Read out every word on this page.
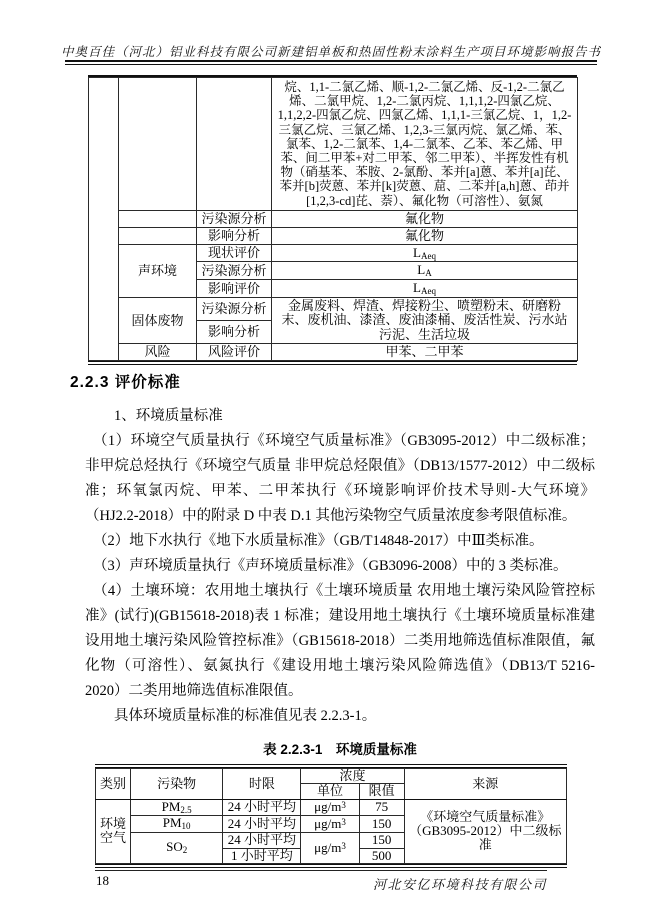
中奥百佳（河北）铝业科技有限公司新建铝单板和热固性粉末涂料生产项目环境影响报告书
			烷、1,1-二氯乙烯、顺-1,2-二氯乙烯、反-1,2-二氯乙烯、二氯甲烷、1,2-二氯丙烷、1,1,1,2-四氯乙烷、1,1,2,2-四氯乙烷、四氯乙烯、1,1,1-三氯乙烷、1，1,2-三氯乙烷、三氯乙烯、1,2,3-三氯丙烷、氯乙烯、苯、氯苯、1,2-二氯苯、1,4-二氯苯、乙苯、苯乙烯、甲苯、间二甲苯+对二甲苯、邻二甲苯）、半挥发性有机物（硝基苯、苯胺、2-氯酚、苯并[a]蒽、苯并[a]芘、苯并[b]荧蒽、苯并[k]荧蒽、䓛、二苯并[a,h]蒽、茚并[1,2,3-cd]芘、萘）、氟化物（可溶性）、氨氮
		污染源分析	氟化物
		影响分析	氟化物
	声环境	现状评价	$L_{Aeq}$
		污染源分析	$L_A$
		影响评价	$L_{Aeq}$
	固体废物	污染源分析	金属废料、焊渣、焊接粉尘、喷塑粉末、研磨粉末、废机油、漆渣、废油漆桶、废活性炭、污水站污泥、生活垃圾
		影响分析	
	风险	风险评价	甲苯、二甲苯
2.2.3 评价标准

1、环境质量标准

（1）环境空气质量执行《环境空气质量标准》（GB3095-2012）中二级标准；非甲烷总烃执行《环境空气质量 非甲烷总烃限值》（DB13/1577-2012）中二级标准；环氧氯丙烷、甲苯、二甲苯执行《环境影响评价技术导则-大气环境》（HJ2.2-2018）中的附录 D 中表 D.1 其他污染物空气质量浓度参考限值标准。

（2）地下水执行《地下水质量标准》（GB/T14848-2017）中Ⅲ类标准。

（3）声环境质量执行《声环境质量标准》（GB3096-2008）中的 3 类标准。

（4）土壤环境：农用地土壤执行《土壤环境质量 农用地土壤污染风险管控标准》(试行)(GB15618-2018)表 1 标准；建设用地土壤执行《土壤环境质量标准建设用地土壤污染风险管控标准》（GB15618-2018）二类用地筛选值标准限值，氟化物（可溶性）、氨氮执行《建设用地土壤污染风险筛选值》（DB13/T 5216-2020）二类用地筛选值标准限值。

具体环境质量标准的标准值见表 2.2.3-1。

表 2.2.3-1　环境质量标准
类别	污染物	时限	浓度		来源
			单位	限值	

环境
空气	$PM_{2.5}$	24 小时平均	$\mu g/m^3$	75	《环境空气质量标准》（GB3095-2012）中二级标准
	$PM_{10}$	24 小时平均	$\mu g/m^3$	150	
	$SO_2$	24 小时平均	$\mu g/m^3$	150	
		1 小时平均		500	
18	河北安亿环境科技有限公司
